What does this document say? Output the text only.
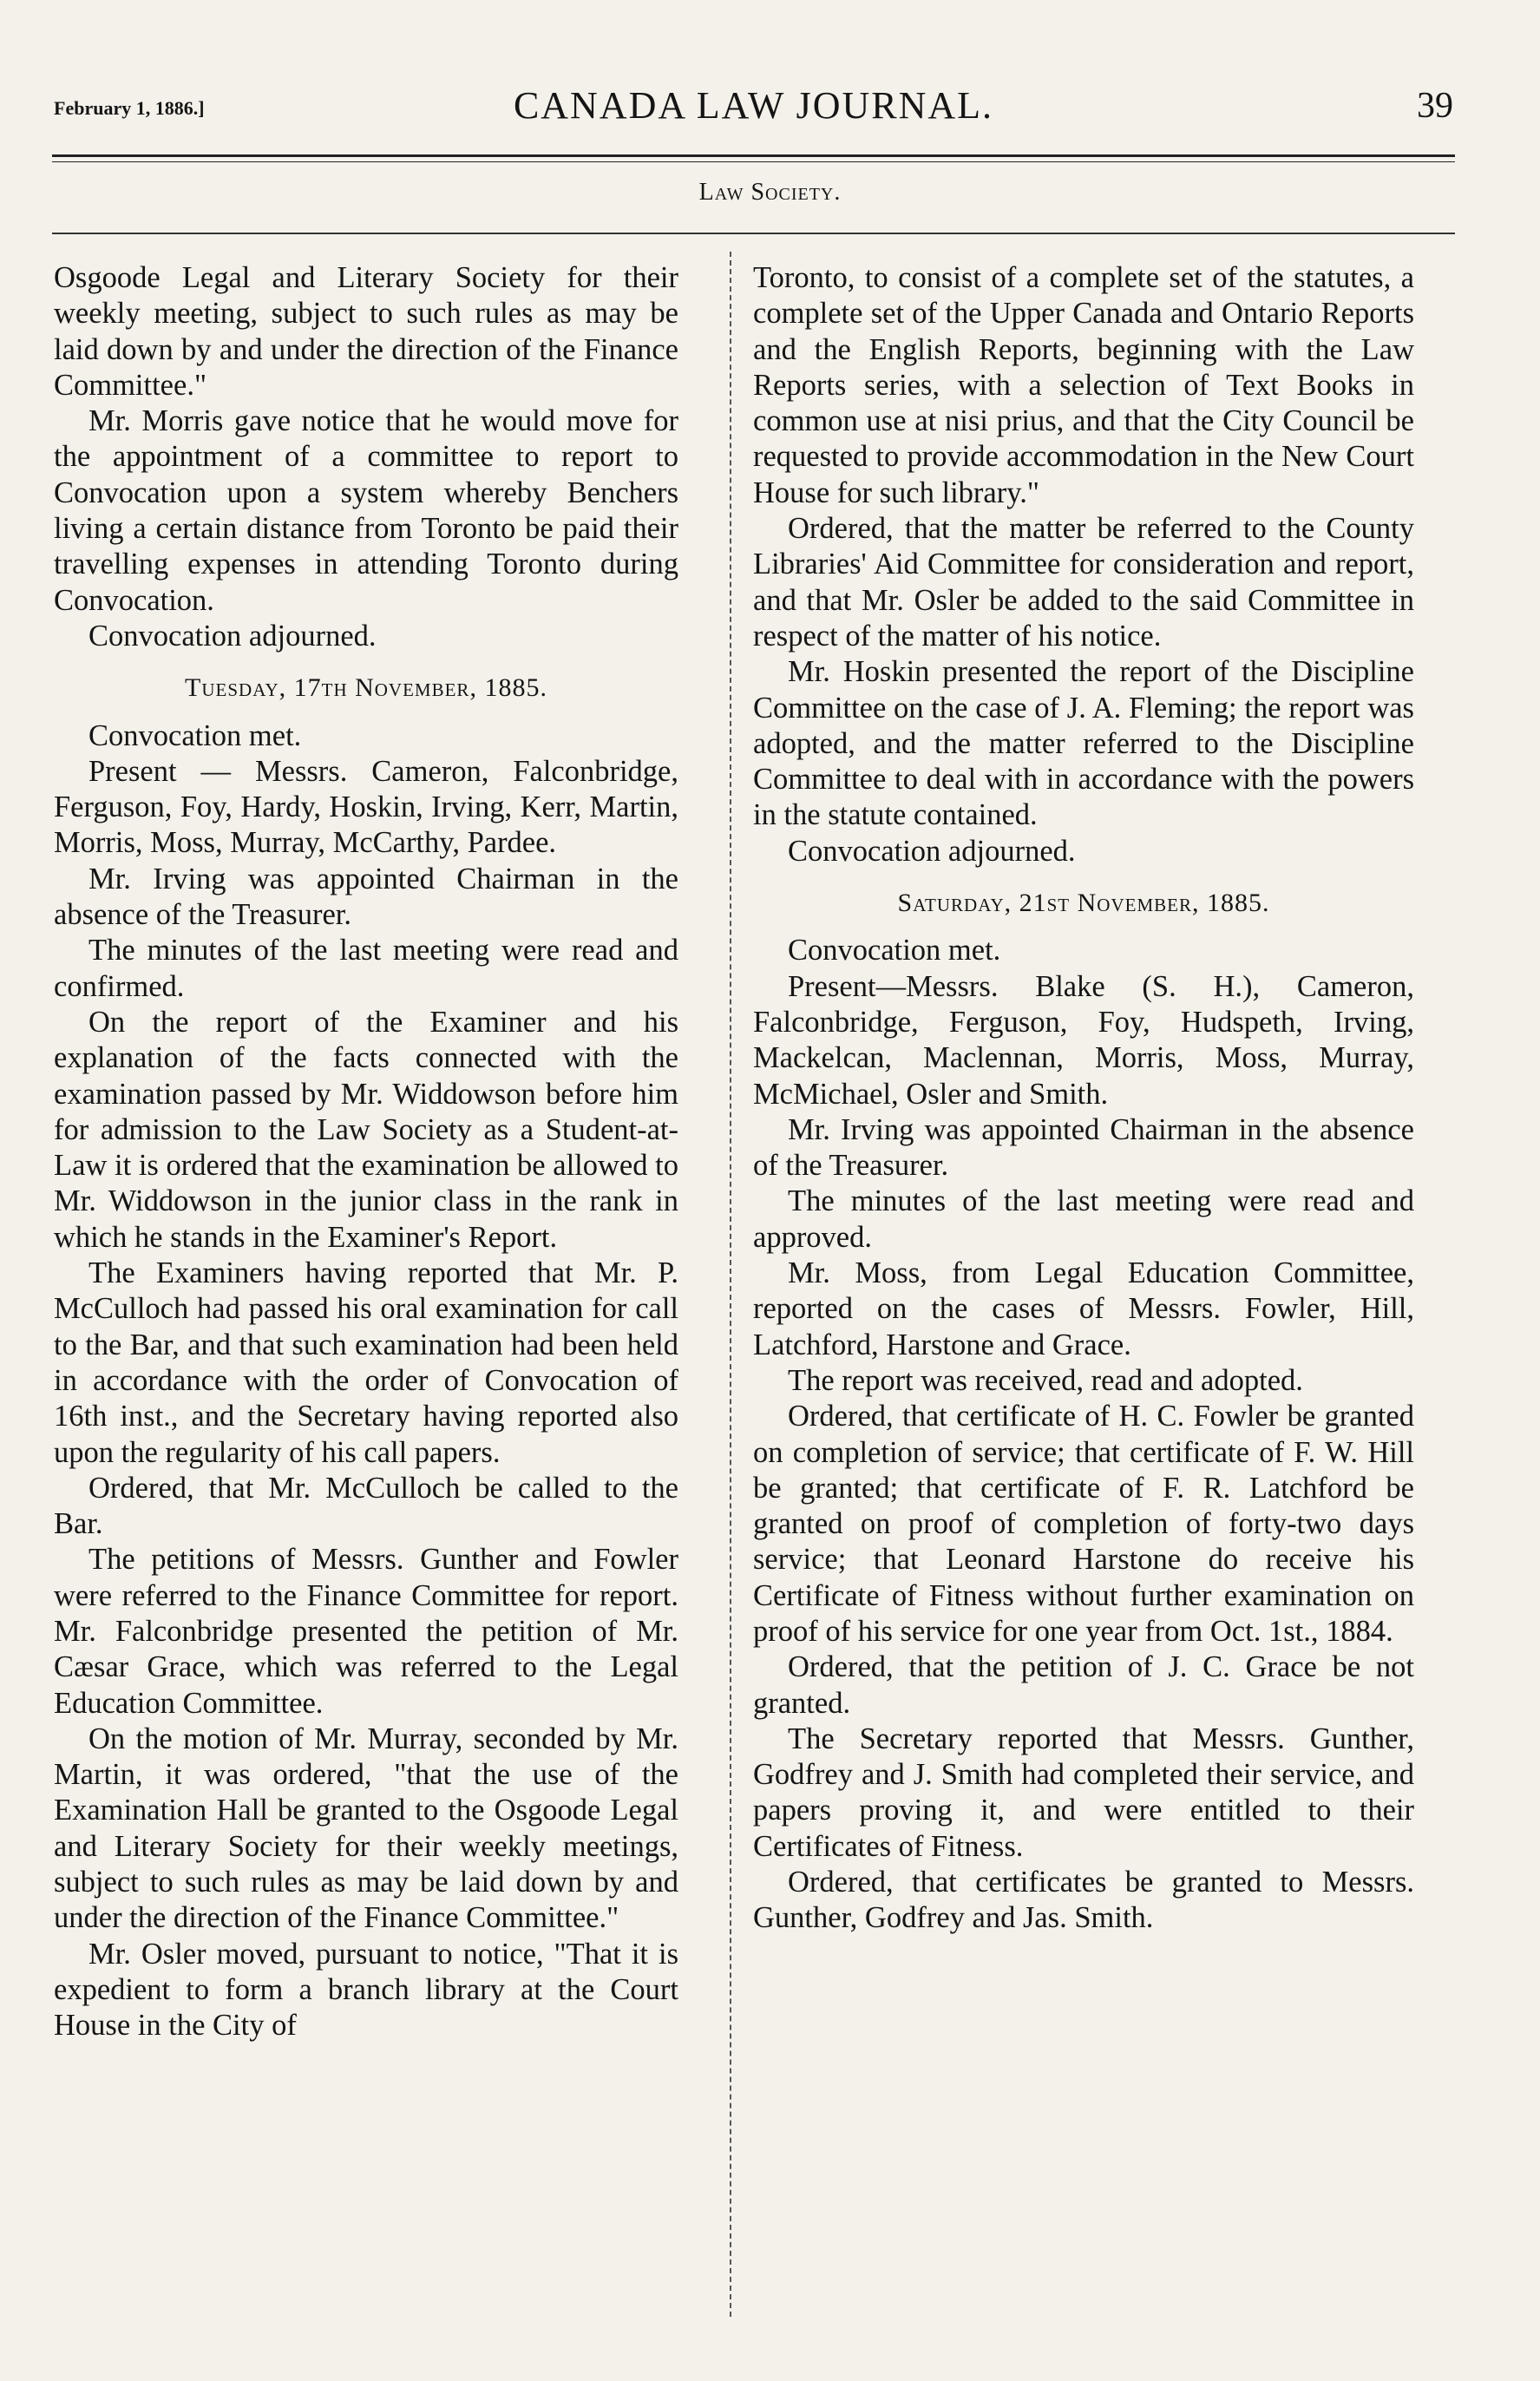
February 1, 1886.]	CANADA LAW JOURNAL.	39
Law Society.

Osgoode Legal and Literary Society for their weekly meeting, subject to such rules as may be laid down by and under the direction of the Finance Committee."

Mr. Morris gave notice that he would move for the appointment of a committee to report to Convocation upon a system whereby Benchers living a certain distance from Toronto be paid their travelling expenses in attending Toronto during Convocation.

Convocation adjourned.

Tuesday, 17th November, 1885.

Convocation met.

Present — Messrs. Cameron, Falconbridge, Ferguson, Foy, Hardy, Hoskin, Irving, Kerr, Martin, Morris, Moss, Murray, McCarthy, Pardee.

Mr. Irving was appointed Chairman in the absence of the Treasurer.

The minutes of the last meeting were read and confirmed.

On the report of the Examiner and his explanation of the facts connected with the examination passed by Mr. Widdowson before him for admission to the Law Society as a Student-at-Law it is ordered that the examination be allowed to Mr. Widdowson in the junior class in the rank in which he stands in the Examiner's Report.

The Examiners having reported that Mr. P. McCulloch had passed his oral examination for call to the Bar, and that such examination had been held in accordance with the order of Convocation of 16th inst., and the Secretary having reported also upon the regularity of his call papers.

Ordered, that Mr. McCulloch be called to the Bar.

The petitions of Messrs. Gunther and Fowler were referred to the Finance Committee for report. Mr. Falconbridge presented the petition of Mr. Cæsar Grace, which was referred to the Legal Education Committee.

On the motion of Mr. Murray, seconded by Mr. Martin, it was ordered, "that the use of the Examination Hall be granted to the Osgoode Legal and Literary Society for their weekly meetings, subject to such rules as may be laid down by and under the direction of the Finance Committee."

Mr. Osler moved, pursuant to notice, "That it is expedient to form a branch library at the Court House in the City of

Toronto, to consist of a complete set of the statutes, a complete set of the Upper Canada and Ontario Reports and the English Reports, beginning with the Law Reports series, with a selection of Text Books in common use at nisi prius, and that the City Council be requested to provide accommodation in the New Court House for such library."

Ordered, that the matter be referred to the County Libraries' Aid Committee for consideration and report, and that Mr. Osler be added to the said Committee in respect of the matter of his notice.

Mr. Hoskin presented the report of the Discipline Committee on the case of J. A. Fleming; the report was adopted, and the matter referred to the Discipline Committee to deal with in accordance with the powers in the statute contained.

Convocation adjourned.

Saturday, 21st November, 1885.

Convocation met.

Present—Messrs. Blake (S. H.), Cameron, Falconbridge, Ferguson, Foy, Hudspeth, Irving, Mackelcan, Maclennan, Morris, Moss, Murray, McMichael, Osler and Smith.

Mr. Irving was appointed Chairman in the absence of the Treasurer.

The minutes of the last meeting were read and approved.

Mr. Moss, from Legal Education Committee, reported on the cases of Messrs. Fowler, Hill, Latchford, Harstone and Grace.

The report was received, read and adopted.

Ordered, that certificate of H. C. Fowler be granted on completion of service; that certificate of F. W. Hill be granted; that certificate of F. R. Latchford be granted on proof of completion of forty-two days service; that Leonard Harstone do receive his Certificate of Fitness without further examination on proof of his service for one year from Oct. 1st., 1884.

Ordered, that the petition of J. C. Grace be not granted.

The Secretary reported that Messrs. Gunther, Godfrey and J. Smith had completed their service, and papers proving it, and were entitled to their Certificates of Fitness.

Ordered, that certificates be granted to Messrs. Gunther, Godfrey and Jas. Smith.
